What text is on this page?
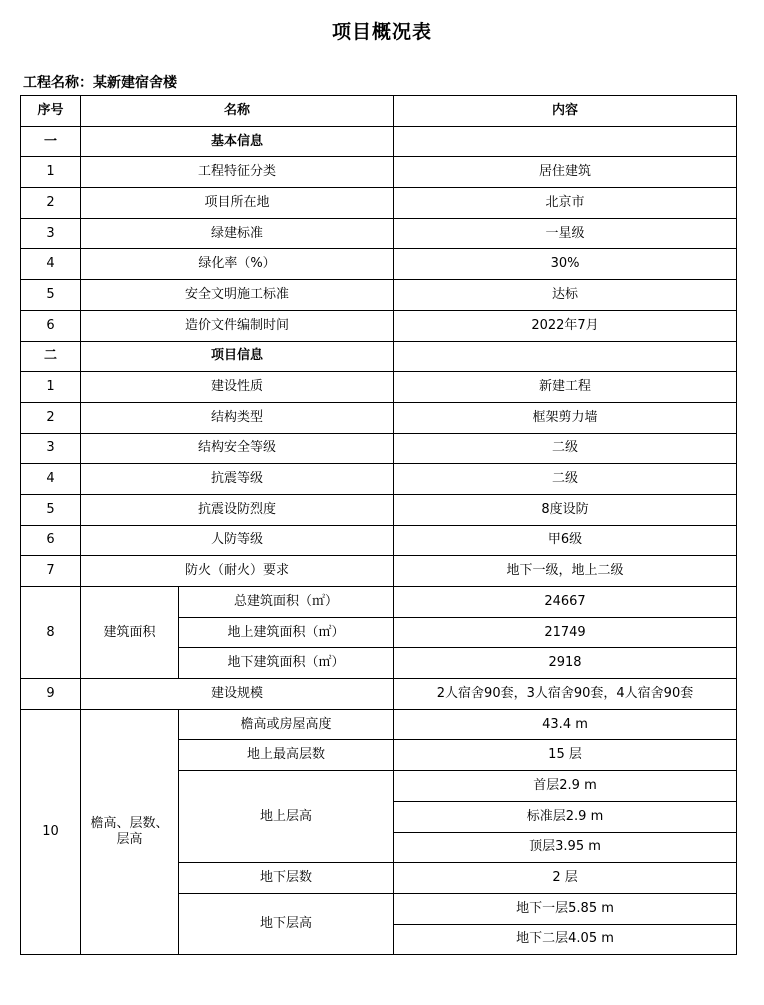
项目概况表
工程名称：某新建宿舍楼
序号	名称		内容
一	基本信息		
1	工程特征分类		居住建筑
2	项目所在地		北京市
3	绿建标准		一星级
4	绿化率（%）		30%
5	安全文明施工标准		达标
6	造价文件编制时间		2022年7月
二	项目信息		
1	建设性质		新建工程
2	结构类型		框架剪力墙
3	结构安全等级		二级
4	抗震等级		二级
5	抗震设防烈度		8度设防
6	人防等级		甲6级
7	防火（耐火）要求		地下一级，地上二级
8	建筑面积	总建筑面积（㎡）	24667
		地上建筑面积（㎡）	21749
		地下建筑面积（㎡）	2918
9	建设规模		2人宿舍90套，3人宿舍90套，4人宿舍90套
10	檐高、层数、层高	檐高或房屋高度	43.4 m
		地上最高层数	15 层
		地上层高	首层2.9 m
			标准层2.9 m
			顶层3.95 m
		地下层数	2 层
		地下层高	地下一层5.85 m
			地下二层4.05 m
